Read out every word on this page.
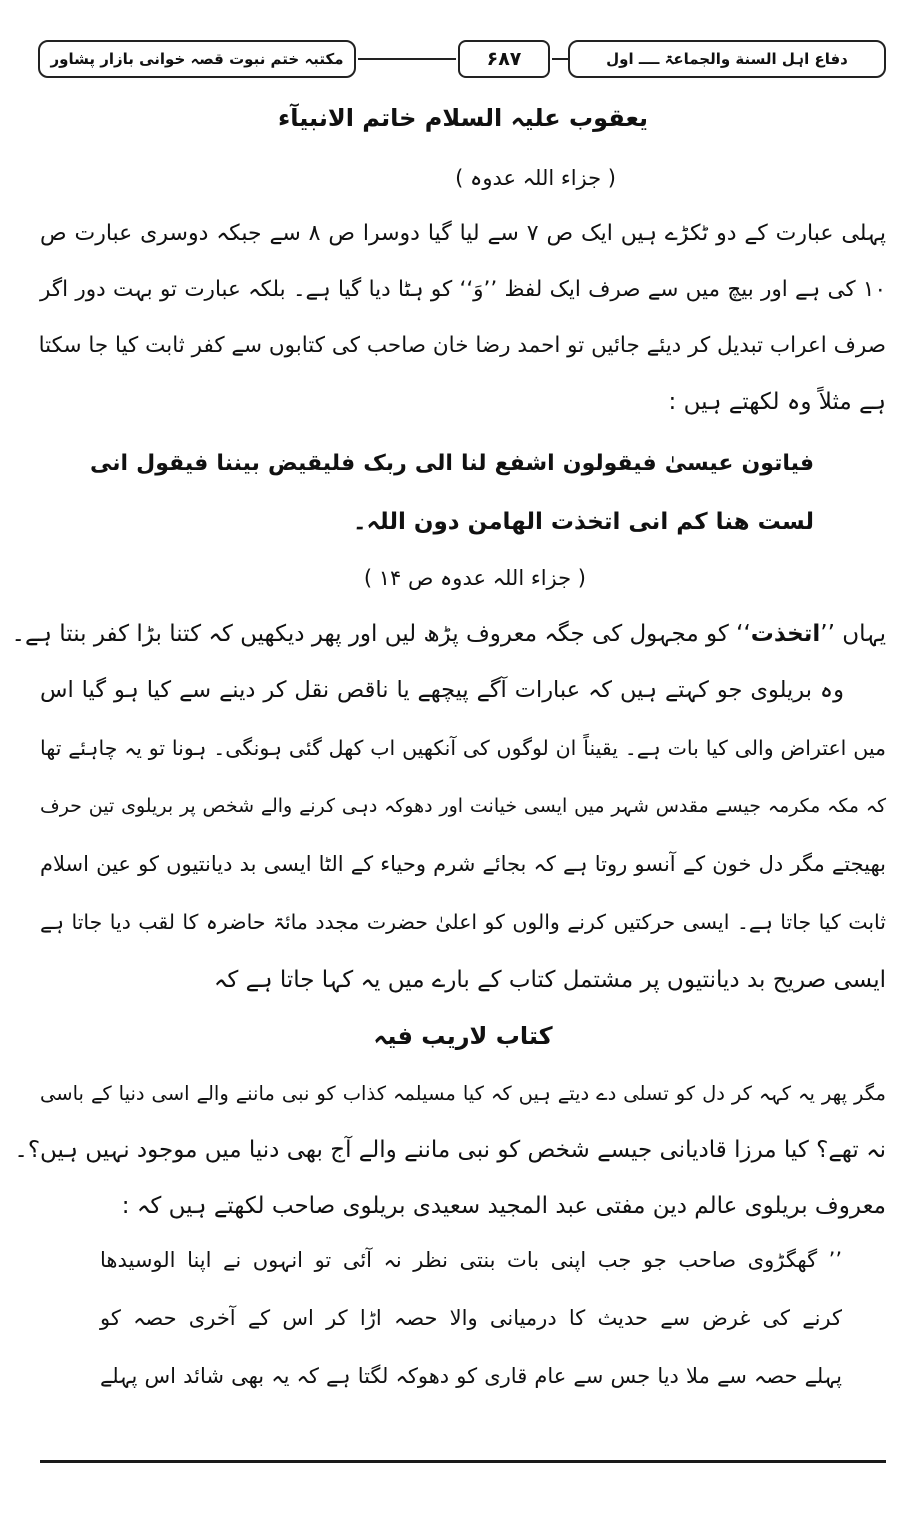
مکتبہ ختم نبوت قصہ خوانی بازار پشاور	۶۸۷	دفاع اہل السنة والجماعۃ ــــ اول
یعقوب علیہ السلام خاتم الانبیآء
( جزاء اللہ عدوہ )
پہلی عبارت کے دو ٹکڑے ہیں ایک ص ۷ سے لیا گیا دوسرا ص ۸ سے جبکہ دوسری عبارت ص
۱۰ کی ہے اور بیچ میں سے صرف ایک لفظ ’’وَ‘‘ کو ہٹا دیا گیا ہے۔ بلکہ عبارت تو بہت دور اگر
صرف اعراب تبدیل کر دیئے جائیں تو احمد رضا خان صاحب کی کتابوں سے کفر ثابت کیا جا سکتا
ہے مثلاً وہ لکھتے ہیں :
فیاتون عیسیٰ فیقولون اشفع لنا الی ربک فلیقیض بیننا فیقول انی
لست ھنا کم انی اتخذت الھامن دون اللہ۔
( جزاء اللہ عدوہ ص ۱۴ )
یہاں ’’اتخذت‘‘ کو مجہول کی جگہ معروف پڑھ لیں اور پھر دیکھیں کہ کتنا بڑا کفر بنتا ہے۔
وہ بریلوی جو کہتے ہیں کہ عبارات آگے پیچھے یا ناقص نقل کر دینے سے کیا ہو گیا اس
میں اعتراض والی کیا بات ہے۔ یقیناً ان لوگوں کی آنکھیں اب کھل گئی ہونگی۔ ہونا تو یہ چاہئے تھا
کہ مکہ مکرمہ جیسے مقدس شہر میں ایسی خیانت اور دھوکہ دہی کرنے والے شخص پر بریلوی تین حرف
بھیجتے مگر دل خون کے آنسو روتا ہے کہ بجائے شرم وحیاء کے الٹا ایسی بد دیانتیوں کو عین اسلام
ثابت کیا جاتا ہے۔ ایسی حرکتیں کرنے والوں کو اعلیٰ حضرت مجدد مائۃ حاضرہ کا لقب دیا جاتا ہے
ایسی صریح بد دیانتیوں پر مشتمل کتاب کے بارے میں یہ کہا جاتا ہے کہ
کتاب لاریب فیہ
مگر پھر یہ کہہ کر دل کو تسلی دے دیتے ہیں کہ کیا مسیلمہ کذاب کو نبی ماننے والے اسی دنیا کے باسی
نہ تھے؟ کیا مرزا قادیانی جیسے شخص کو نبی ماننے والے آج بھی دنیا میں موجود نہیں ہیں؟۔
معروف بریلوی عالم دین مفتی عبد المجید سعیدی بریلوی صاحب لکھتے ہیں کہ :
’’ گھگڑوی صاحب جو جب اپنی بات بنتی نظر نہ آئی تو انہوں نے اپنا الوسیدھا
کرنے کی غرض سے حدیث کا درمیانی والا حصہ اڑا کر اس کے آخری حصہ کو
پہلے حصہ سے ملا دیا جس سے عام قاری کو دھوکہ لگتا ہے کہ یہ بھی شائد اس پہلے
